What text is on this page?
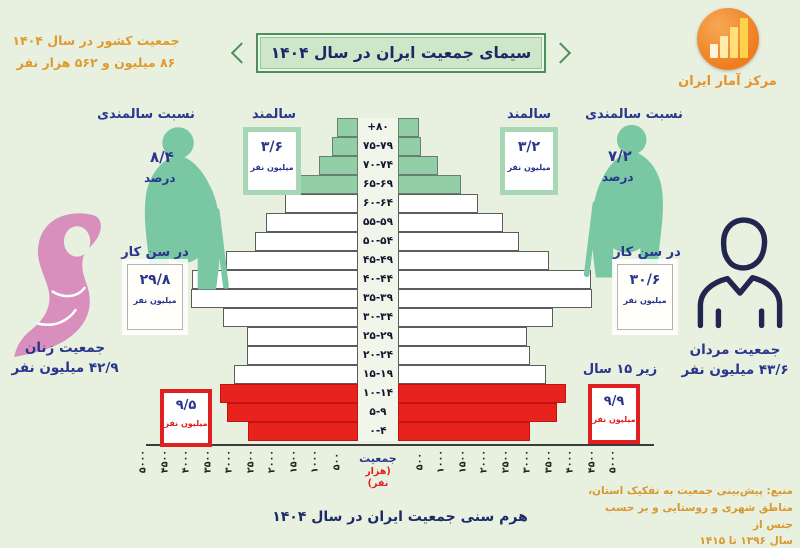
جمعیت کشور در سال ۱۴۰۴
۸۶ میلیون و ۵۶۲ هزار نفر
سیمای جمعیت ایران در سال ۱۴۰۴
مرکز آمار ایران
+۸۰
۷۵-۷۹
۷۰-۷۴
۶۵-۶۹
۶۰-۶۴
۵۵-۵۹
۵۰-۵۴
۴۵-۴۹
۴۰-۴۴
۳۵-۳۹
۳۰-۳۴
۲۵-۲۹
۲۰-۲۴
۱۵-۱۹
۱۰-۱۴
۵-۹
۰-۴
۵۰۰	۵۰۰
۱۰۰۰	۱۰۰۰
۱۵۰۰	۱۵۰۰
۲۰۰۰	۲۰۰۰
۲۵۰۰	۲۵۰۰
۳۰۰۰	۳۰۰۰
۳۵۰۰	۳۵۰۰
۴۰۰۰	۴۰۰۰
۴۵۰۰	۴۵۰۰
۵۰۰۰	۵۰۰۰
جمعیت
(هزار نفر)
نسبت سالمندی
۸/۴
درصد
سالمند
۳/۶
میلیون نفر
در سن کار
۲۹/۸
میلیون نفر
جمعیت زنان
۴۲/۹ میلیون نفر
۹/۵
میلیون نفر
سالمند
۳/۲
میلیون نفر
نسبت سالمندی
۷/۲
درصد
در سن کار
۳۰/۶
میلیون نفر
جمعیت مردان
۴۳/۶ میلیون نفر
زیر ۱۵ سال
۹/۹
میلیون نفر
هرم سنی جمعیت ایران در سال ۱۴۰۴
منبع: پیش‌بینی جمعیت به تفکیک استان،
مناطق شهری و روستایی و بر حسب جنس از
سال ۱۳۹۶ تا ۱۴۱۵
